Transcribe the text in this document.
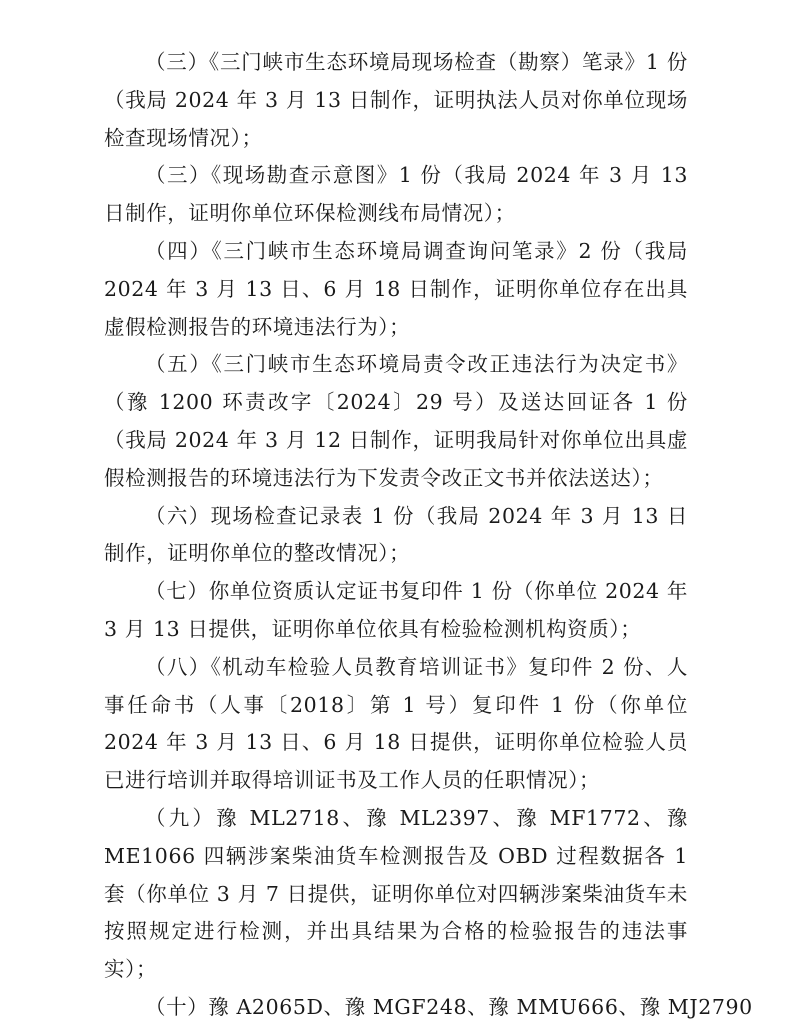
（三）《三门峡市生态环境局现场检查（勘察）笔录》1 份（我局 2024 年 3 月 13 日制作，证明执法人员对你单位现场检查现场情况）；

（三）《现场勘查示意图》1 份（我局 2024 年 3 月 13 日制作，证明你单位环保检测线布局情况）；

（四）《三门峡市生态环境局调查询问笔录》2 份（我局 2024 年 3 月 13 日、6 月 18 日制作，证明你单位存在出具虚假检测报告的环境违法行为）；

（五）《三门峡市生态环境局责令改正违法行为决定书》（豫 1200 环责改字〔2024〕29 号）及送达回证各 1 份（我局 2024 年 3 月 12 日制作，证明我局针对你单位出具虚假检测报告的环境违法行为下发责令改正文书并依法送达）；

（六）现场检查记录表 1 份（我局 2024 年 3 月 13 日制作，证明你单位的整改情况）；

（七）你单位资质认定证书复印件 1 份（你单位 2024 年 3 月 13 日提供，证明你单位依具有检验检测机构资质）；

（八）《机动车检验人员教育培训证书》复印件 2 份、人事任命书（人事〔2018〕第 1 号）复印件 1 份（你单位 2024 年 3 月 13 日、6 月 18 日提供，证明你单位检验人员已进行培训并取得培训证书及工作人员的任职情况）；

（九）豫 ML2718、豫 ML2397、豫 MF1772、豫 ME1066 四辆涉案柴油货车检测报告及 OBD 过程数据各 1 套（你单位 3 月 7 日提供，证明你单位对四辆涉案柴油货车未按照规定进行检测，并出具结果为合格的检验报告的违法事实）；

（十）豫 A2065D、豫 MGF248、豫 MMU666、豫 MJ2790
